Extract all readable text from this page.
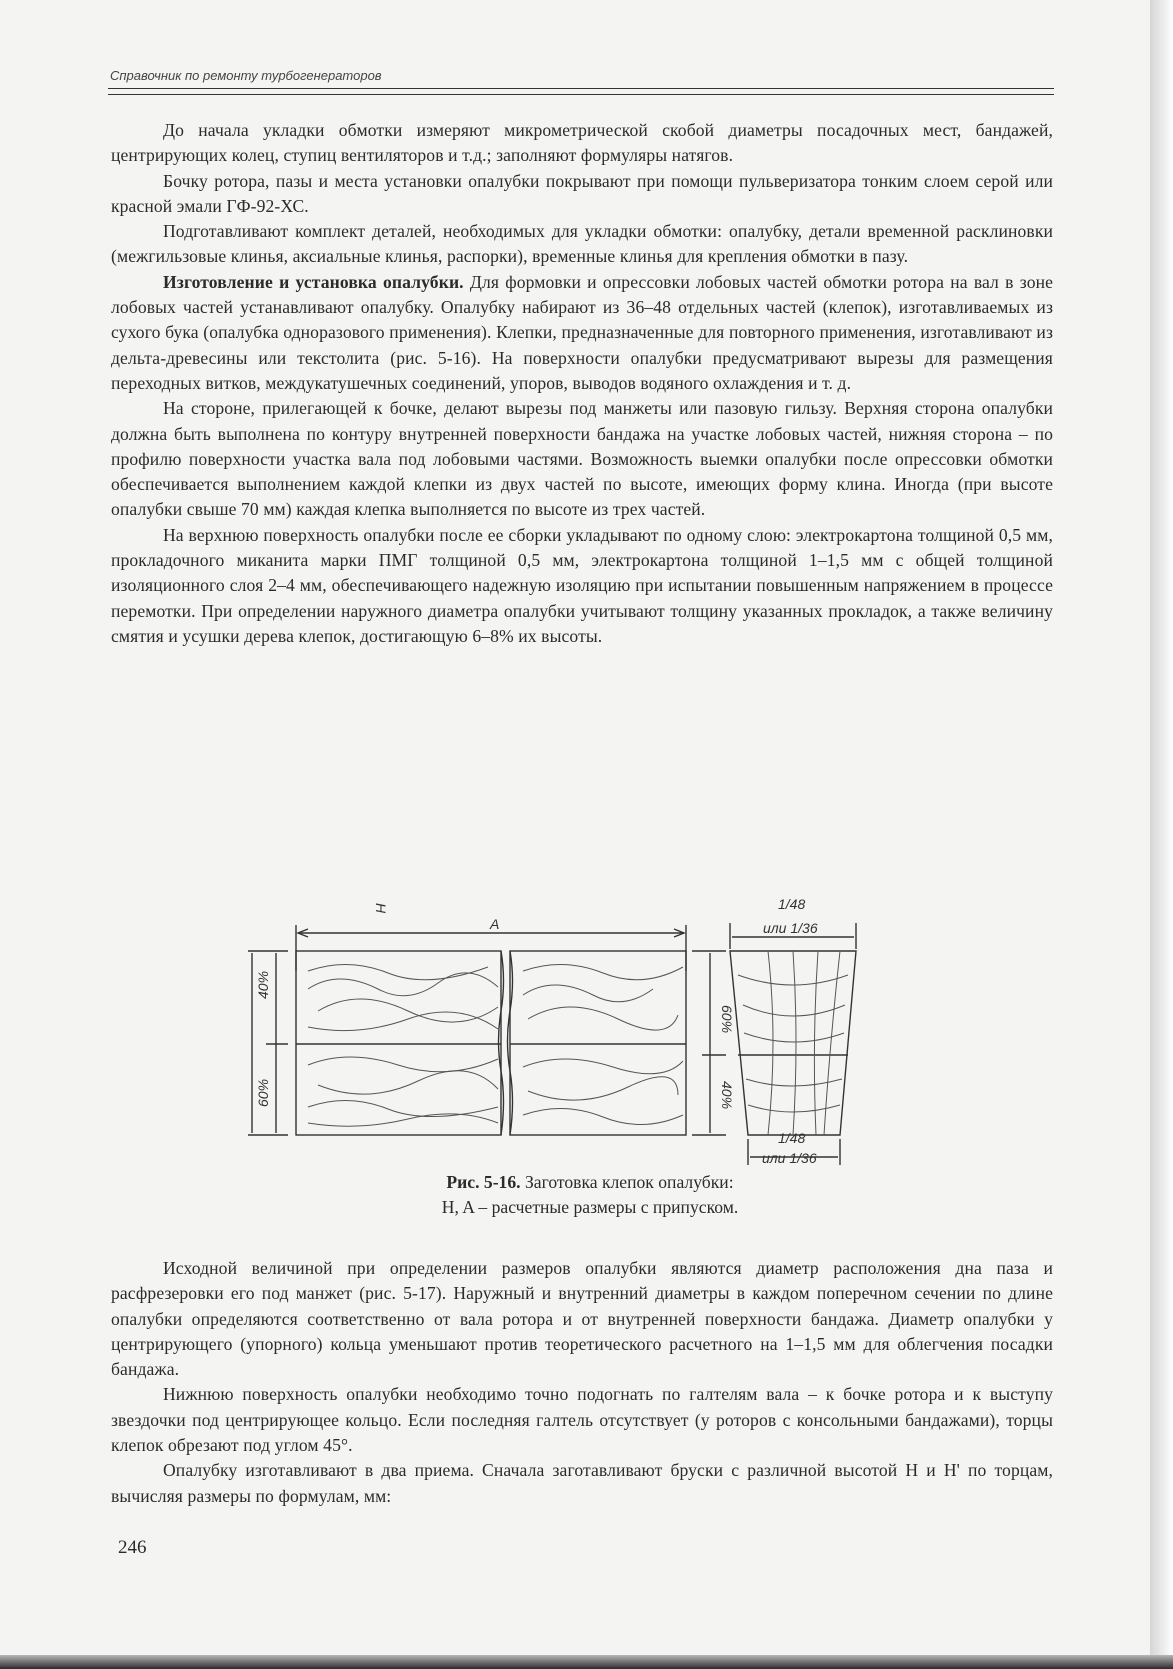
Справочник по ремонту турбогенераторов

До начала укладки обмотки измеряют микрометрической скобой диаметры посадочных мест, бандажей, центрирующих колец, ступиц вентиляторов и т.д.; заполняют формуляры натягов.

Бочку ротора, пазы и места установки опалубки покрывают при помощи пульверизатора тонким слоем серой или красной эмали ГФ-92-ХС.

Подготавливают комплект деталей, необходимых для укладки обмотки: опалубку, детали временной расклиновки (межгильзовые клинья, аксиальные клинья, распорки), временные клинья для крепления обмотки в пазу.

Изготовление и установка опалубки. Для формовки и опрессовки лобовых частей обмотки ротора на вал в зоне лобовых частей устанавливают опалубку. Опалубку набирают из 36–48 отдельных частей (клепок), изготавливаемых из сухого бука (опалубка одноразового применения). Клепки, предназначенные для повторного применения, изготавливают из дельта-древесины или текстолита (рис. 5-16). На поверхности опалубки предусматривают вырезы для размещения переходных витков, междукатушечных соединений, упоров, выводов водяного охлаждения и т. д.

На стороне, прилегающей к бочке, делают вырезы под манжеты или пазовую гильзу. Верхняя сторона опалубки должна быть выполнена по контуру внутренней поверхности бандажа на участке лобовых частей, нижняя сторона – по профилю поверхности участка вала под лобовыми частями. Возможность выемки опалубки после опрессовки обмотки обеспечивается выполнением каждой клепки из двух частей по высоте, имеющих форму клина. Иногда (при высоте опалубки свыше 70 мм) каждая клепка выполняется по высоте из трех частей.

На верхнюю поверхность опалубки после ее сборки укладывают по одному слою: электрокартона толщиной 0,5 мм, прокладочного миканита марки ПМГ толщиной 0,5 мм, электрокартона толщиной 1–1,5 мм с общей толщиной изоляционного слоя 2–4 мм, обеспечивающего надежную изоляцию при испытании повышенным напряжением в процессе перемотки. При определении наружного диаметра опалубки учитывают толщину указанных прокладок, а также величину смятия и усушки дерева клепок, достигающую 6–8% их высоты.

A
H
40%
60%
60%
40%
1/48
или 1/36
1/48
или 1/36
Рис. 5-16. Заготовка клепок опалубки:
H, A – расчетные размеры с припуском.

Исходной величиной при определении размеров опалубки являются диаметр расположения дна паза и расфрезеровки его под манжет (рис. 5-17). Наружный и внутренний диаметры в каждом поперечном сечении по длине опалубки определяются соответственно от вала ротора и от внутренней поверхности бандажа. Диаметр опалубки у центрирующего (упорного) кольца уменьшают против теоретического расчетного на 1–1,5 мм для облегчения посадки бандажа.

Нижнюю поверхность опалубки необходимо точно подогнать по галтелям вала – к бочке ротора и к выступу звездочки под центрирующее кольцо. Если последняя галтель отсутствует (у роторов с консольными бандажами), торцы клепок обрезают под углом 45°.

Опалубку изготавливают в два приема. Сначала заготавливают бруски с различной высотой H и H' по торцам, вычисляя размеры по формулам, мм:

246
